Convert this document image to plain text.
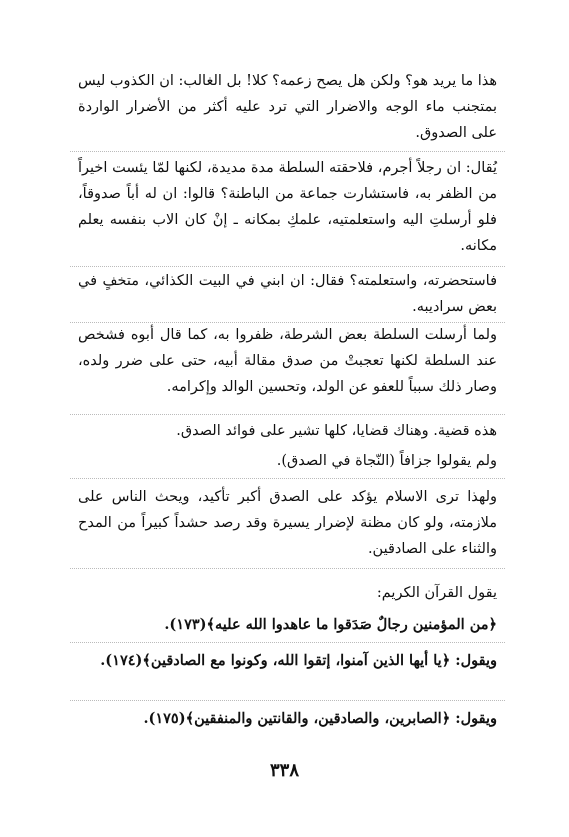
هذا ما يريد هو؟ ولكن هل يصح زعمه؟ كلا! بل الغالب: ان الكذوب ليس بمتجنب ماء الوجه والاضرار التي ترد عليه أكثر من الأضرار الواردة على الصدوق.
يُقال: ان رجلاً أجرم، فلاحقته السلطة مدة مديدة، لكنها لمّا يئست اخيراً من الظفر به، فاستشارت جماعة من الباطنة؟ قالوا: ان له أباً صدوقاً، فلو أرسلتِ اليه واستعلمتيه، علمكِ بمكانه ـ إنْ كان الاب بنفسه يعلم مكانه.
فاستحضرته، واستعلمته؟ فقال: ان ابني في البيت الكذائي، متخفٍ في بعض سراديبه.
ولما أرسلت السلطة بعض الشرطة، ظفروا به، كما قال أبوه فشخص عند السلطة لكنها تعجبتْ من صدق مقالة أبيه، حتى على ضرر ولده، وصار ذلك سبباً للعفو عن الولد، وتحسين الوالد وإكرامه.
هذه قضية. وهناك قضايا، كلها تشير على فوائد الصدق.
ولم يقولوا جزافاً (النّجاة في الصدق).
ولهذا ترى الاسلام يؤكد على الصدق أكبر تأكيد، ويحث الناس على ملازمته، ولو كان مظنة لإضرار يسيرة وقد رصد حشداً كبيراً من المدح والثناء على الصادقين.
يقول القرآن الكريم:
﴿من المؤمنين رجالٌ صَدَقوا ما عاهدوا الله عليه﴾(١٧٣).
ويقول: ﴿يا أيها الذين آمنوا، إتقوا الله، وكونوا مع الصادقين﴾(١٧٤).
ويقول: ﴿الصابرين، والصادقين، والقانتين والمنفقين﴾(١٧٥).
٣٣٨
